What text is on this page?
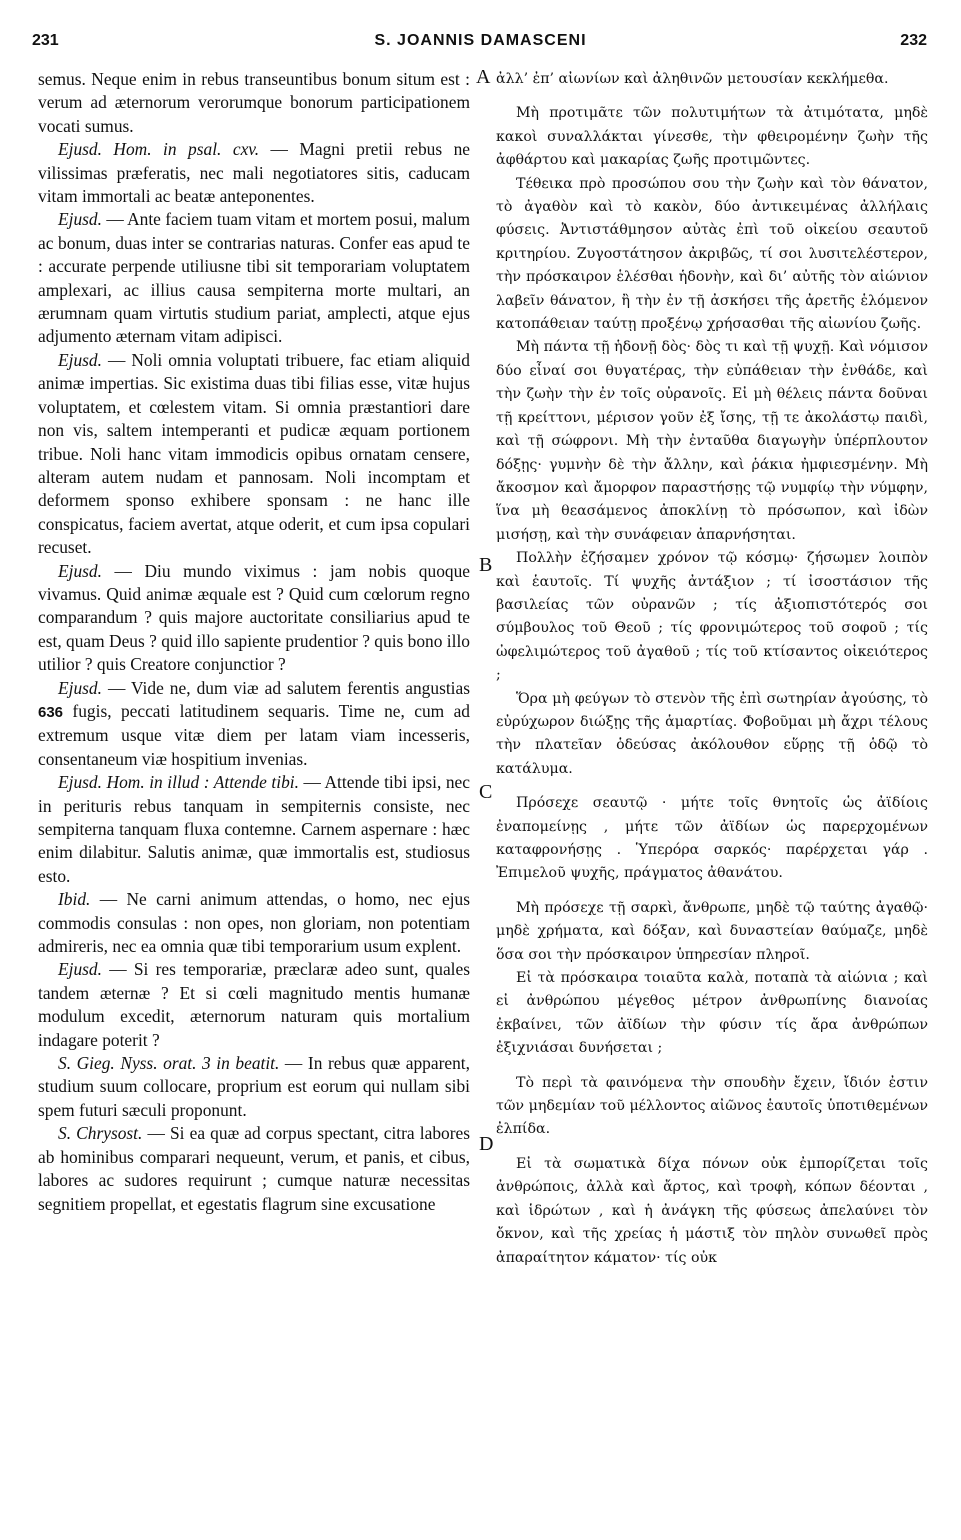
231	S. JOANNIS DAMASCENI	232
A
B
C
D

semus. Neque enim in rebus transeuntibus bonum situm est : verum ad æternorum verorumque bonorum participationem vocati sumus.

Ejusd. Hom. in psal. cxv. — Magni pretii rebus ne vilissimas præferatis, nec mali negotiatores sitis, caducam vitam immortali ac beatæ anteponentes.

Ejusd. — Ante faciem tuam vitam et mortem posui, malum ac bonum, duas inter se contrarias naturas. Confer eas apud te : accurate perpende utiliusne tibi sit temporariam voluptatem amplexari, ac illius causa sempiterna morte multari, an ærumnam quam virtutis studium pariat, amplecti, atque ejus adjumento æternam vitam adipisci.

Ejusd. — Noli omnia voluptati tribuere, fac etiam aliquid animæ impertias. Sic existima duas tibi filias esse, vitæ hujus voluptatem, et cœlestem vitam. Si omnia præstantiori dare non vis, saltem intemperanti et pudicæ æquam portionem tribue. Noli hanc vitam immodicis opibus ornatam censere, alteram autem nudam et pannosam. Noli incomptam et deformem sponso exhibere sponsam : ne hanc ille conspicatus, faciem avertat, atque oderit, et cum ipsa copulari recuset.

Ejusd. — Diu mundo viximus : jam nobis quoque vivamus. Quid animæ æquale est ? Quid cum cœlorum regno comparandum ? quis majore auctoritate consiliarius apud te est, quam Deus ? quid illo sapiente prudentior ? quis bono illo utilior ? quis Creatore conjunctior ?

Ejusd. — Vide ne, dum viæ ad salutem ferentis angustias 636 fugis, peccati latitudinem sequaris. Time ne, cum ad extremum usque vitæ diem per latam viam incesseris, consentaneum viæ hospitium invenias.

Ejusd. Hom. in illud : Attende tibi. — Attende tibi ipsi, nec in perituris rebus tanquam in sempiternis consiste, nec sempiterna tanquam fluxa contemne. Carnem aspernare : hæc enim dilabitur. Salutis animæ, quæ immortalis est, studiosus esto.

Ibid. — Ne carni animum attendas, o homo, nec ejus commodis consulas : non opes, non gloriam, non potentiam admireris, nec ea omnia quæ tibi temporarium usum explent.

Ejusd. — Si res temporariæ, præclaræ adeo sunt, quales tandem æternæ ? Et si cœli magnitudo mentis humanæ modulum excedit, æternorum naturam quis mortalium indagare poterit ?

S. Gieg. Nyss. orat. 3 in beatit. — In rebus quæ apparent, studium suum collocare, proprium est eorum qui nullam sibi spem futuri sæculi proponunt.

S. Chrysost. — Si ea quæ ad corpus spectant, citra labores ab hominibus comparari nequeunt, verum, et panis, et cibus, labores ac sudores requirunt ; cumque naturæ necessitas segnitiem propellat, et egestatis flagrum sine excusatione

ἀλλ’ ἐπ’ αἰωνίων καὶ ἀληθινῶν μετουσίαν κεκλήμεθα.

Μὴ προτιμᾶτε τῶν πολυτιμήτων τὰ ἀτιμότατα, μηδὲ κακοὶ συναλλάκται γίνεσθε, τὴν φθειρομένην ζωὴν τῆς ἀφθάρτου καὶ μακαρίας ζωῆς προτιμῶντες.

Τέθεικα πρὸ προσώπου σου τὴν ζωὴν καὶ τὸν θάνατον, τὸ ἀγαθὸν καὶ τὸ κακὸν, δύο ἀντικειμένας ἀλλήλαις φύσεις. Ἀντιστάθμησον αὐτὰς ἐπὶ τοῦ οἰκείου σεαυτοῦ κριτηρίου. Ζυγοστάτησον ἀκριβῶς, τί σοι λυσιτελέστερον, τὴν πρόσκαιρον ἑλέσθαι ἡδονὴν, καὶ δι’ αὐτῆς τὸν αἰώνιον λαβεῖν θάνατον, ἢ τὴν ἐν τῇ ἀσκήσει τῆς ἀρετῆς ἑλόμενον κατοπάθειαν ταύτῃ προξένῳ χρήσασθαι τῆς αἰωνίου ζωῆς.

Μὴ πάντα τῇ ἡδονῇ δὸς· δὸς τι καὶ τῇ ψυχῇ. Καὶ νόμισον δύο εἶναί σοι θυγατέρας, τὴν εὐπάθειαν τὴν ἐνθάδε, καὶ τὴν ζωὴν τὴν ἐν τοῖς οὐρανοῖς. Εἰ μὴ θέλεις πάντα δοῦναι τῇ κρείττονι, μέρισον γοῦν ἐξ ἴσης, τῇ τε ἀκολάστῳ παιδὶ, καὶ τῇ σώφρονι. Μὴ τὴν ἐνταῦθα διαγωγὴν ὑπέρπλουτον δόξῃς· γυμνὴν δὲ τὴν ἄλλην, καὶ ῥάκια ἠμφιεσμένην. Μὴ ἄκοσμον καὶ ἄμορφον παραστήσῃς τῷ νυμφίῳ τὴν νύμφην, ἵνα μὴ θεασάμενος ἀποκλίνῃ τὸ πρόσωπον, καὶ ἰδὼν μισήσῃ, καὶ τὴν συνάφειαν ἀπαρνήσηται.

Πολλὴν ἐζήσαμεν χρόνον τῷ κόσμῳ· ζήσωμεν λοιπὸν καὶ ἑαυτοῖς. Τί ψυχῆς ἀντάξιον ; τί ἰσοστάσιον τῆς βασιλείας τῶν οὐρανῶν ; τίς ἀξιοπιστότερός σοι σύμβουλος τοῦ Θεοῦ ; τίς φρονιμώτερος τοῦ σοφοῦ ; τίς ὠφελιμώτερος τοῦ ἀγαθοῦ ; τίς τοῦ κτίσαντος οἰκειότερος ;

Ὅρα μὴ φεύγων τὸ στενὸν τῆς ἐπὶ σωτηρίαν ἀγούσης, τὸ εὐρύχωρον διώξῃς τῆς ἁμαρτίας. Φοβοῦμαι μὴ ἄχρι τέλους τὴν πλατεῖαν ὁδεύσας ἀκόλουθον εὕρῃς τῇ ὁδῷ τὸ κατάλυμα.

Πρόσεχε σεαυτῷ · μήτε τοῖς θνητοῖς ὡς ἀϊδίοις ἐναπομείνῃς , μήτε τῶν ἀϊδίων ὡς παρερχομένων καταφρονήσῃς . Ὑπερόρα σαρκός· παρέρχεται γάρ . Ἐπιμελοῦ ψυχῆς, πράγματος ἀθανάτου.

Μὴ πρόσεχε τῇ σαρκὶ, ἄνθρωπε, μηδὲ τῷ ταύτης ἀγαθῷ· μηδὲ χρήματα, καὶ δόξαν, καὶ δυναστείαν θαύμαζε, μηδὲ ὅσα σοι τὴν πρόσκαιρον ὑπηρεσίαν πληροῖ.

Εἰ τὰ πρόσκαιρα τοιαῦτα καλὰ, ποταπὰ τὰ αἰώνια ; καὶ εἰ ἀνθρώπου μέγεθος μέτρον ἀνθρωπίνης διανοίας ἐκβαίνει, τῶν ἀϊδίων τὴν φύσιν τίς ἄρα ἀνθρώπων ἐξιχνιάσαι δυνήσεται ;

Τὸ περὶ τὰ φαινόμενα τὴν σπουδὴν ἔχειν, ἴδιόν ἐστιν τῶν μηδεμίαν τοῦ μέλλοντος αἰῶνος ἑαυτοῖς ὑποτιθεμένων ἐλπίδα.

Εἰ τὰ σωματικὰ δίχα πόνων οὐκ ἐμπορίζεται τοῖς ἀνθρώποις, ἀλλὰ καὶ ἄρτος, καὶ τροφὴ, κόπων δέονται , καὶ ἱδρώτων , καὶ ἡ ἀνάγκη τῆς φύσεως ἀπελαύνει τὸν ὄκνον, καὶ τῆς χρείας ἡ μάστιξ τὸν πηλὸν συνωθεῖ πρὸς ἀπαραίτητον κάματον· τίς οὐκ
